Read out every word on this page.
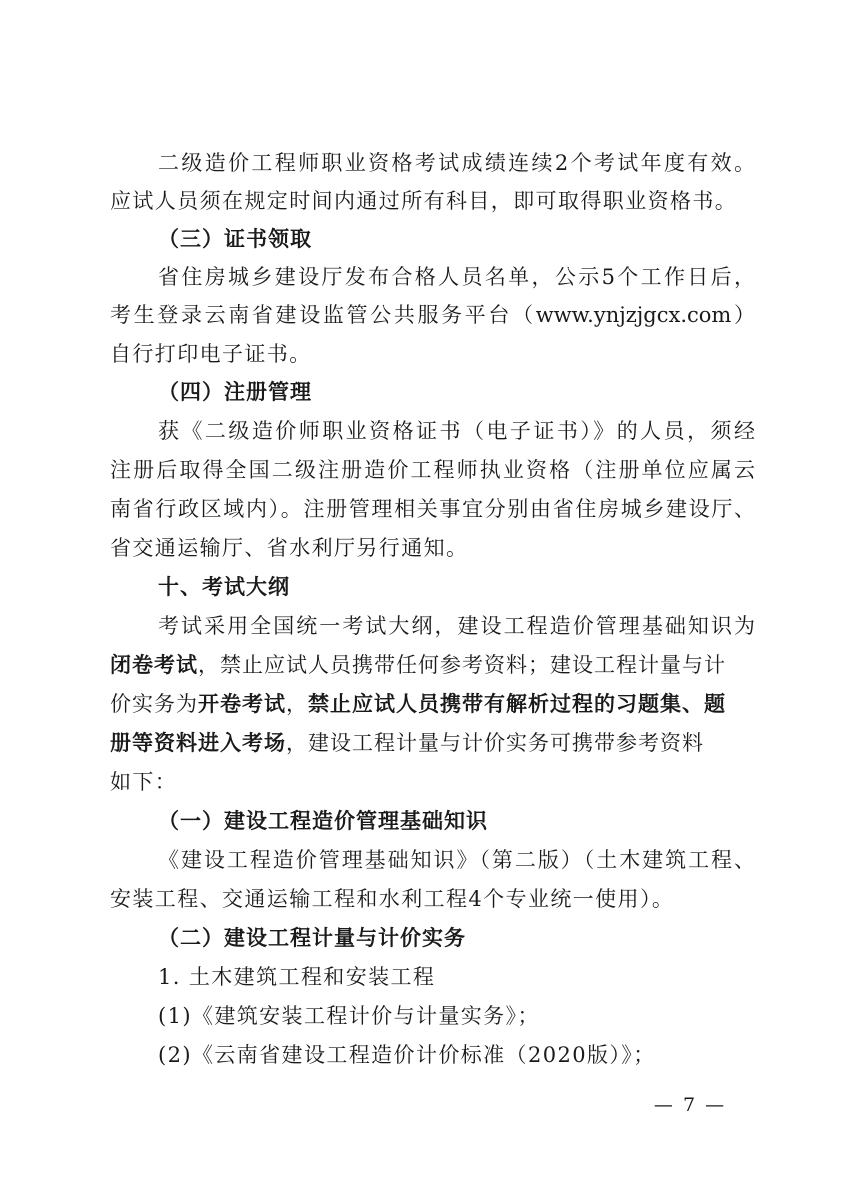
二级造价工程师职业资格考试成绩连续2个考试年度有效。
应试人员须在规定时间内通过所有科目，即可取得职业资格书。
（三）证书领取
省住房城乡建设厅发布合格人员名单，公示5个工作日后，
考生登录云南省建设监管公共服务平台（www.ynjzjgcx.com）
自行打印电子证书。
（四）注册管理
获《二级造价师职业资格证书（电子证书）》的人员，须经
注册后取得全国二级注册造价工程师执业资格（注册单位应属云
南省行政区域内）。注册管理相关事宜分别由省住房城乡建设厅、
省交通运输厅、省水利厅另行通知。
十、考试大纲
考试采用全国统一考试大纲，建设工程造价管理基础知识为
闭卷考试，禁止应试人员携带任何参考资料；建设工程计量与计
价实务为开卷考试，禁止应试人员携带有解析过程的习题集、题
册等资料进入考场，建设工程计量与计价实务可携带参考资料
如下：
（一）建设工程造价管理基础知识
《建设工程造价管理基础知识》（第二版）（土木建筑工程、
安装工程、交通运输工程和水利工程4个专业统一使用）。
（二）建设工程计量与计价实务
1. 土木建筑工程和安装工程
(1)《建筑安装工程计价与计量实务》；
(2)《云南省建设工程造价计价标准（2020版）》；
— 7 —
